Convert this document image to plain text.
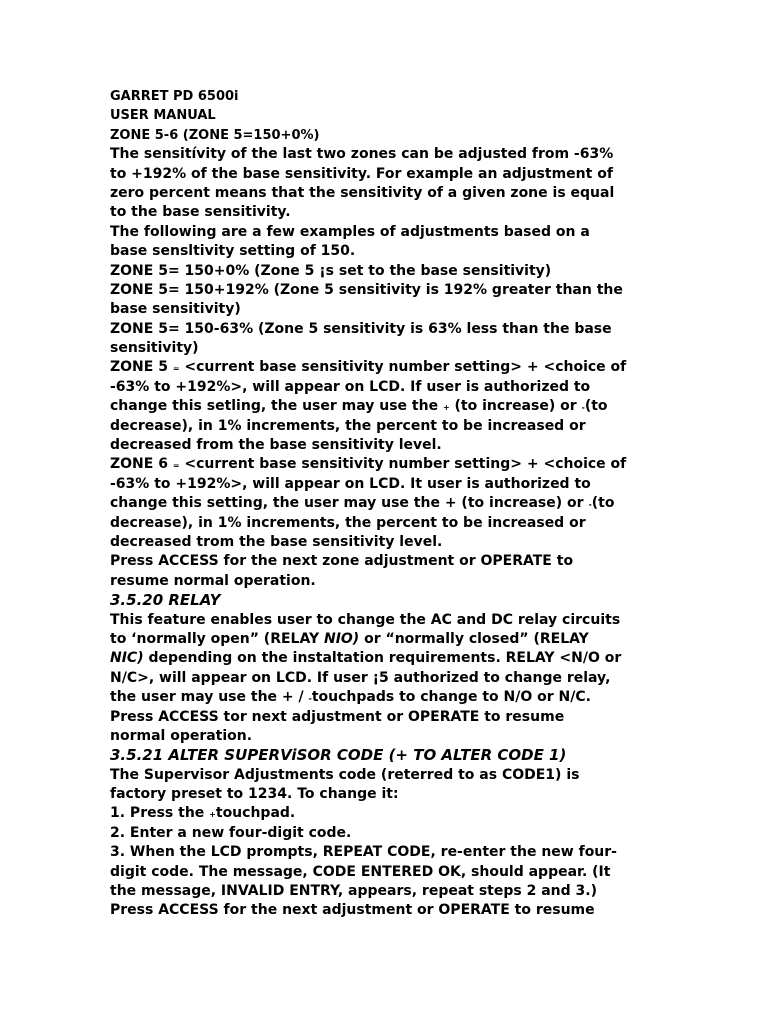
GARRET PD 6500i
USER MANUAL
ZONE 5-6 (ZONE 5=150+0%)
The sensitívity of the last two zones can be adjusted from -63%
to +192% of the base sensitivity. For example an adjustment of
zero percent means that the sensitivity of a given zone is equal
to the base sensitivity.
The following are a few examples of adjustments based on a
base sensltivity setting of 150.
ZONE 5= 150+0% (Zone 5 ¡s set to the base sensitivity)
ZONE 5= 150+192% (Zone 5 sensitivity is 192% greater than the
base sensitivity)
ZONE 5= 150-63% (Zone 5 sensitivity is 63% less than the base
sensitivity)
ZONE 5 = <current base sensitivity number setting> + <choice of
-63% to +192%>, will appear on LCD. If user is authorized to
change this setling, the user may use the + (to increase) or -(to
decrease), in 1% increments, the percent to be increased or
decreased from the base sensitivity level.
ZONE 6 = <current base sensitivity number setting> + <choice of
-63% to +192%>, will appear on LCD. It user is authorized to
change this setting, the user may use the + (to increase) or -(to
decrease), in 1% increments, the percent to be increased or
decreased trom the base sensitivity level.
Press ACCESS for the next zone adjustment or OPERATE to
resume normal operation.
3.5.20 RELAY
This feature enables user to change the AC and DC relay circuits
to ‘normally open” (RELAY NIO) or “normally closed” (RELAY
NIC) depending on the instaltation requirements. RELAY <N/O or
N/C>, will appear on LCD. If user ¡5 authorized to change relay,
the user may use the + / -touchpads to change to N/O or N/C.
Press ACCESS tor next adjustment or OPERATE to resume
normal operation.
3.5.21 ALTER SUPERViSOR CODE (+ TO ALTER CODE 1)
The Supervisor Adjustments code (reterred to as CODE1) is
factory preset to 1234. To change it:
1. Press the +touchpad.
2. Enter a new four-digit code.
3. When the LCD prompts, REPEAT CODE, re-enter the new four-
digit code. The message, CODE ENTERED OK, should appear. (It
the message, INVALID ENTRY, appears, repeat steps 2 and 3.)
Press ACCESS for the next adjustment or OPERATE to resume
